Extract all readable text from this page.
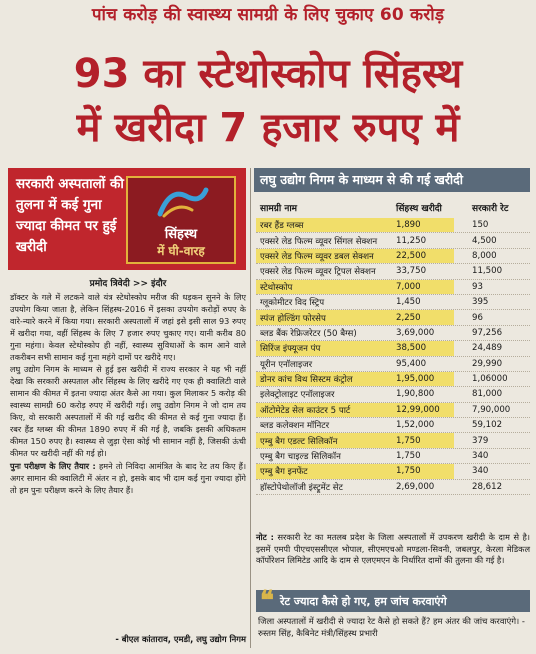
पांच करोड़ की स्वास्थ्य सामग्री के लिए चुकाए 60 करोड़
93 का स्टेथोस्कोप सिंहस्थ
में खरीदा 7 हजार रुपए में
सरकारी अस्पतालों की तुलना में कई गुना ज्यादा कीमत पर हुई खरीदी
सिंहस्थ
में घी-वारह
प्रमोद त्रिवेदी >> इंदौर

डॉक्टर के गले में लटकने वाले यंत्र स्टेथोस्कोप मरीज की धड़कन सुनने के लिए उपयोग किया जाता है, लेकिन सिंहस्थ-2016 में इसका उपयोग करोड़ों रुपए के वारे-न्यारे करने में किया गया। सरकारी अस्पतालों में जहां इसे इसी साल 93 रुपए में खरीदा गया, वहीं सिंहस्थ के लिए 7 हजार रुपए चुकाए गए। यानी करीब 80 गुना महंगा। केवल स्टेथोस्कोप ही नहीं, स्वास्थ्य सुविधाओं के काम आने वाले तकरीबन सभी सामान कई गुना महंगे दामों पर खरीदे गए।

लघु उद्योग निगम के माध्यम से हुई इस खरीदी में राज्य सरकार ने यह भी नहीं देखा कि सरकारी अस्पताल और सिंहस्थ के लिए खरीदे गए एक ही क्वालिटी वाले सामान की कीमत में इतना ज्यादा अंतर कैसे आ गया। कुल मिलाकर 5 करोड़ की स्वास्थ्य सामग्री 60 करोड़ रुपए में खरीदी गई। लघु उद्योग निगम ने जो दाम तय किए, वो सरकारी अस्पतालों में की गई खरीद की कीमत से कई गुना ज्यादा हैं। रबर हैंड ग्लब्स की कीमत 1890 रुपए में की गई है, जबकि इसकी अधिकतम कीमत 150 रुपए है। स्वास्थ्य से जुड़ा ऐसा कोई भी सामान नहीं है, जिसकी ऊंची कीमत पर खरीदी नहीं की गई हो।

पुनः परीक्षण के लिए तैयार : हमने तो निविदा आमंत्रित के बाद रेट तय किए हैं। अगर सामान की क्वालिटी में अंतर न हो, इसके बाद भी दाम कई गुना ज्यादा होंगे तो हम पुनः परीक्षण करने के लिए तैयार हैं।

- बीएल कांताराव, एमडी, लघु उद्योग निगम
लघु उद्योग निगम के माध्यम से की गई खरीदी
सामग्री नाम	सिंहस्थ खरीदी	सरकारी रेट
रबर हैंड ग्लब्स	1,890	150
एक्सरे लेड फिल्म व्यूवर सिंगल सेक्शन	11,250	4,500
एक्सरे लेड फिल्म व्यूवर डबल सेक्शन	22,500	8,000
एक्सरे लेड फिल्म व्यूवर ट्रिपल सेक्शन	33,750	11,500
स्टेथोस्कोप	7,000	93
ग्लूकोमीटर विद स्ट्रिप	1,450	395
स्पंज होल्डिंग फोरसेप	2,250	96
ब्लड बैंक रेफ्रिजरेटर (50 बैग्स)	3,69,000	97,256
सिरिंज इंफ्यूजन पंप	38,500	24,489
यूरीन एनॉलाइजर	95,400	29,990
डोनर कांच विथ सिस्टम कंट्रोल	1,95,000	1,06000
इलेक्ट्रोलाइट एनॉलाइजर	1,90,800	81,000
ऑटोमेटेड सेल काउंटर 5 पार्ट	12,99,000	7,90,000
ब्लड कलेक्शन मॉनिटर	1,52,000	59,102
एम्बु बैग एडल्ट सिलिकॉन	1,750	379
एम्बु बैग चाइल्ड सिलिकॉन	1,750	340
एम्बु बैग इनफेंट	1,750	340
हॉस्टोपेथोलॉजी इंस्ट्रूमेंट सेट	2,69,000	28,612
नोट : सरकारी रेट का मतलब प्रदेश के जिला अस्पतालों में उपकरण खरीदी के दाम से है। इसमें एमपी पीएचएससीएल भोपाल, सीएमएचओ मण्डला-सिवनी, जबलपुर, केरला मेडिकल कॉर्पोरेशन लिमिटेड आदि के दाम से एलएमएन के निर्धारित दामों की तुलना की गई है।
❝ रेट ज्यादा कैसे हो गए, हम जांच करवाएंगे
जिला अस्पतालों में खरीदी से ज्यादा रेट कैसे हो सकते हैं? हम अंतर की जांच करवाएंगे। - रुस्तम सिंह, कैबिनेट मंत्री/सिंहस्थ प्रभारी
